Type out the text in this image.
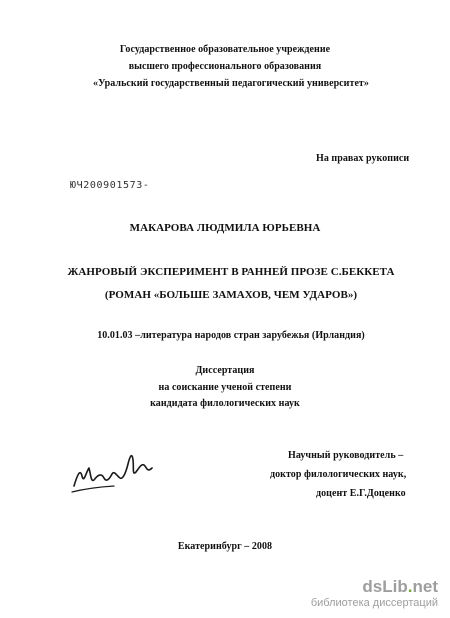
Государственное образовательное учреждение
высшего профессионального образования
«Уральский государственный педагогический университет»
На правах рукописи
ЮЧ200901573-
МАКАРОВА ЛЮДМИЛА ЮРЬЕВНА
ЖАНРОВЫЙ ЭКСПЕРИМЕНТ В РАННЕЙ ПРОЗЕ С.БЕККЕТА
(РОМАН «БОЛЬШЕ ЗАМАХОВ, ЧЕМ УДАРОВ»)
10.01.03 –литература народов стран зарубежья (Ирландия)
Диссертация
на соискание ученой степени
кандидата филологических наук
Научный руководитель –
доктор филологических наук,
доцент Е.Г.Доценко
Екатеринбург – 2008
dsLib.net
библиотека диссертаций
